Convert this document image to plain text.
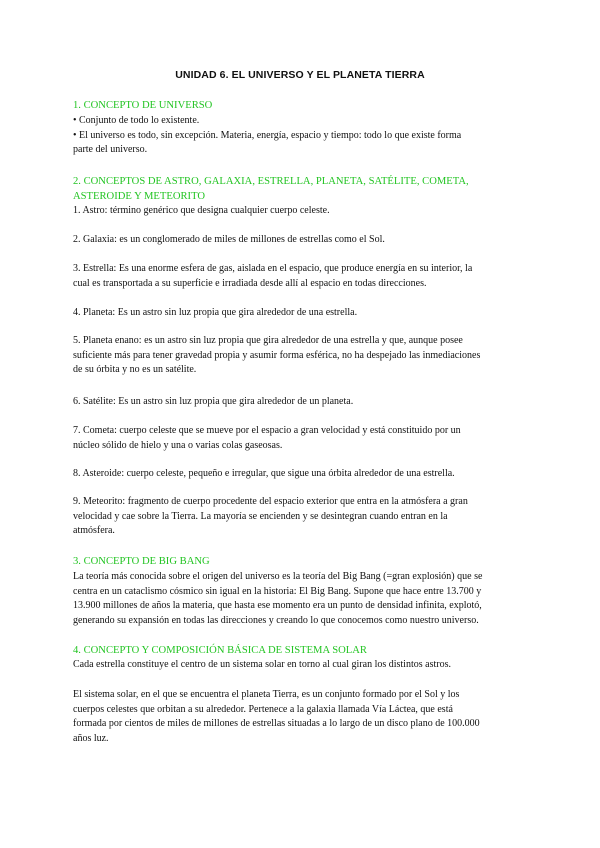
UNIDAD 6. EL UNIVERSO Y EL PLANETA TIERRA
1. CONCEPTO DE UNIVERSO
• Conjunto de todo lo existente.
• El universo es todo, sin excepción. Materia, energía, espacio y tiempo: todo lo que existe forma
parte del universo.
2. CONCEPTOS DE ASTRO, GALAXIA, ESTRELLA, PLANETA, SATÉLITE, COMETA,
ASTEROIDE Y METEORITO
1. Astro: término genérico que designa cualquier cuerpo celeste.
2. Galaxia: es un conglomerado de miles de millones de estrellas como el Sol.
3. Estrella: Es una enorme esfera de gas, aislada en el espacio, que produce energía en su interior, la
cual es transportada a su superficie e irradiada desde allí al espacio en todas direcciones.
4. Planeta: Es un astro sin luz propia que gira alrededor de una estrella.
5. Planeta enano: es un astro sin luz propia que gira alrededor de una estrella y que, aunque posee
suficiente más para tener gravedad propia y asumir forma esférica, no ha despejado las inmediaciones
de su órbita y no es un satélite.
6. Satélite: Es un astro sin luz propia que gira alrededor de un planeta.
7. Cometa: cuerpo celeste que se mueve por el espacio a gran velocidad y está constituido por un
núcleo sólido de hielo y una o varias colas gaseosas.
8. Asteroide: cuerpo celeste, pequeño e irregular, que sigue una órbita alrededor de una estrella.
9. Meteorito: fragmento de cuerpo procedente del espacio exterior que entra en la atmósfera a gran
velocidad y cae sobre la Tierra. La mayoría se encienden y se desintegran cuando entran en la
atmósfera.
3. CONCEPTO DE BIG BANG
La teoría más conocida sobre el origen del universo es la teoría del Big Bang (=gran explosión) que se
centra en un cataclismo cósmico sin igual en la historia: El Big Bang. Supone que hace entre 13.700 y
13.900 millones de años la materia, que hasta ese momento era un punto de densidad infinita, explotó,
generando su expansión en todas las direcciones y creando lo que conocemos como nuestro universo.
4. CONCEPTO Y COMPOSICIÓN BÁSICA DE SISTEMA SOLAR
Cada estrella constituye el centro de un sistema solar en torno al cual giran los distintos astros.
El sistema solar, en el que se encuentra el planeta Tierra, es un conjunto formado por el Sol y los
cuerpos celestes que orbitan a su alrededor. Pertenece a la galaxia llamada Vía Láctea, que está
formada por cientos de miles de millones de estrellas situadas a lo largo de un disco plano de 100.000
años luz.
